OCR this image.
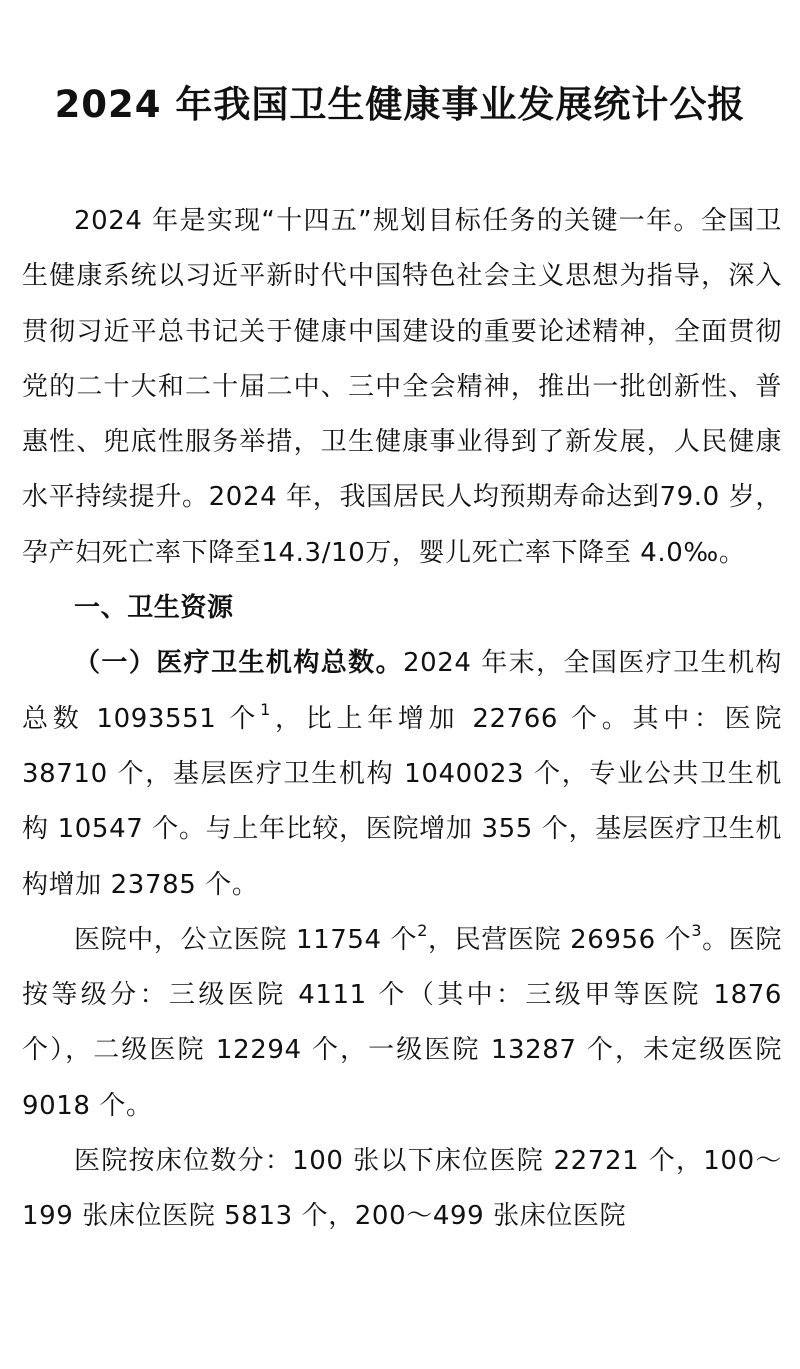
2024 年我国卫生健康事业发展统计公报

2024 年是实现“十四五”规划目标任务的关键一年。全国卫生健康系统以习近平新时代中国特色社会主义思想为指导，深入贯彻习近平总书记关于健康中国建设的重要论述精神，全面贯彻党的二十大和二十届二中、三中全会精神，推出一批创新性、普惠性、兜底性服务举措，卫生健康事业得到了新发展，人民健康水平持续提升。2024 年，我国居民人均预期寿命达到79.0 岁，孕产妇死亡率下降至14.3/10万，婴儿死亡率下降至 4.0‰。

一、卫生资源

（一）医疗卫生机构总数。2024 年末，全国医疗卫生机构总数 1093551 个$^1$，比上年增加 22766 个。其中：医院 38710 个，基层医疗卫生机构 1040023 个，专业公共卫生机构 10547 个。与上年比较，医院增加 355 个，基层医疗卫生机构增加 23785 个。

医院中，公立医院 11754 个$^2$，民营医院 26956 个$^3$。医院按等级分：三级医院 4111 个（其中：三级甲等医院 1876 个），二级医院 12294 个，一级医院 13287 个，未定级医院 9018 个。

医院按床位数分：100 张以下床位医院 22721 个，100～199 张床位医院 5813 个，200～499 张床位医院
